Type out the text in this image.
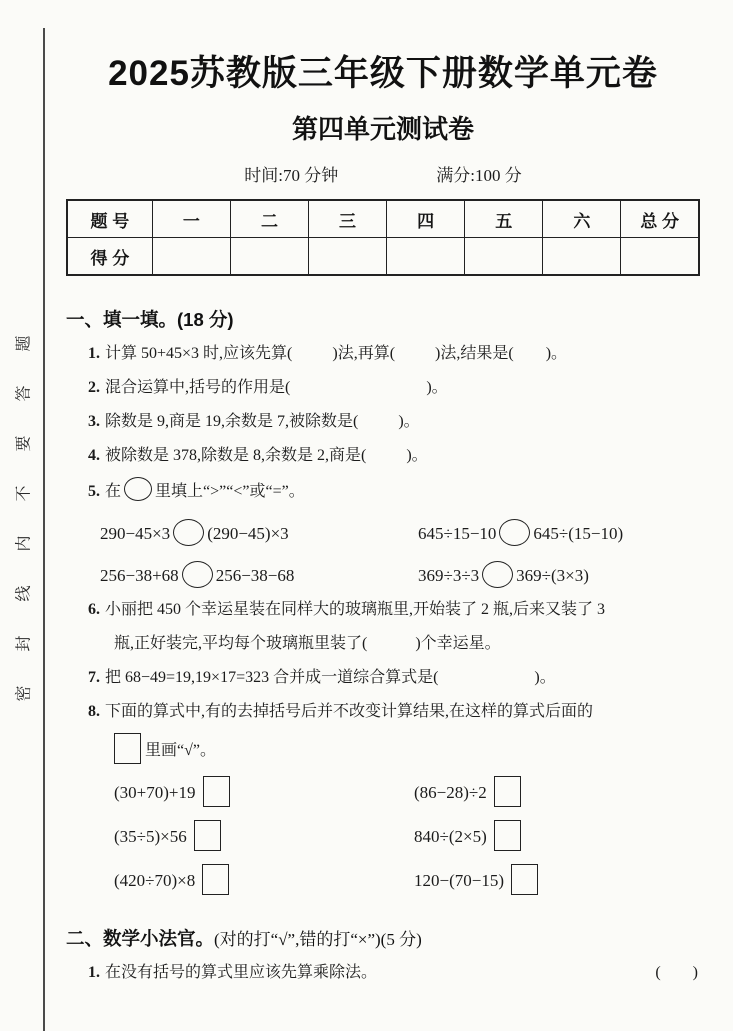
题
答
要
不
内
线
封
密
2025苏教版三年级下册数学单元卷
第四单元测试卷
时间:70 分钟	满分:100 分
题 号	一	二	三	四	五	六	总 分
得 分							
一、填一填。(18 分)

1. 计算 50+45×3 时,应该先算(          )法,再算(          )法,结果是(        )。

2. 混合运算中,括号的作用是(                                  )。

3. 除数是 9,商是 19,余数是 7,被除数是(          )。

4. 被除数是 378,除数是 8,余数是 2,商是(          )。

5. 在 里填上“>”“<”或“=”。

290−45×3 (290−45)×3	645÷15−10 645÷(15−10)
256−38+68 256−38−68	369÷3÷3 369÷(3×3)

6. 小丽把 450 个幸运星装在同样大的玻璃瓶里,开始装了 2 瓶,后来又装了 3

瓶,正好装完,平均每个玻璃瓶里装了(            )个幸运星。

7. 把 68−49=19,19×17=323 合并成一道综合算式是(                        )。

8. 下面的算式中,有的去掉括号后并不改变计算结果,在这样的算式后面的

里画“√”。

(30+70)+19	(86−28)÷2
(35÷5)×56	840÷(2×5)
(420÷70)×8	120−(70−15)
二、数学小法官。(对的打“√”,错的打“×”)(5 分)

1. 在没有括号的算式里应该先算乘除法。	(        )
